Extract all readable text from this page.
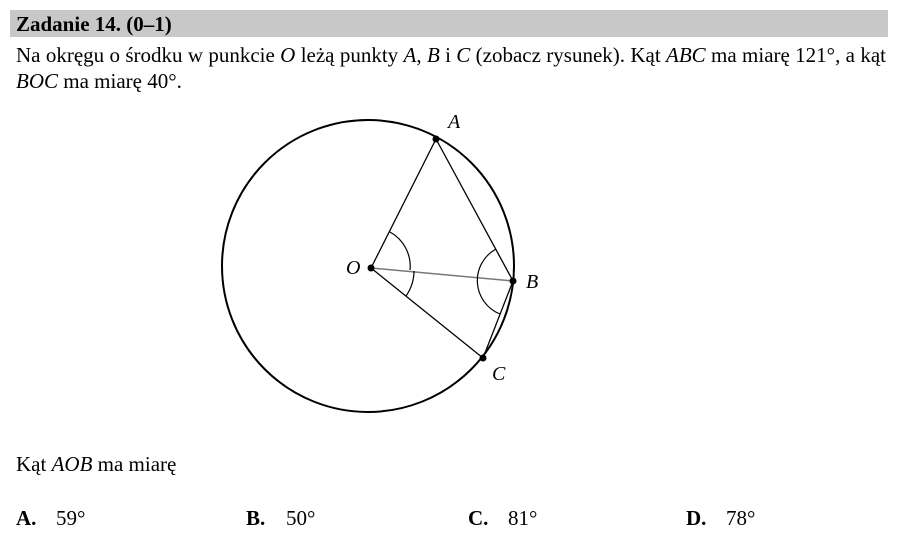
Zadanie 14. (0–1)
Na okręgu o środku w punkcie O leżą punkty A, B i C (zobacz rysunek). Kąt ABC ma miarę 121°, a kąt BOC ma miarę 40°.
A
B
C
O
Kąt AOB ma miarę
A. 59°	B. 50°	C. 81°	D. 78°
